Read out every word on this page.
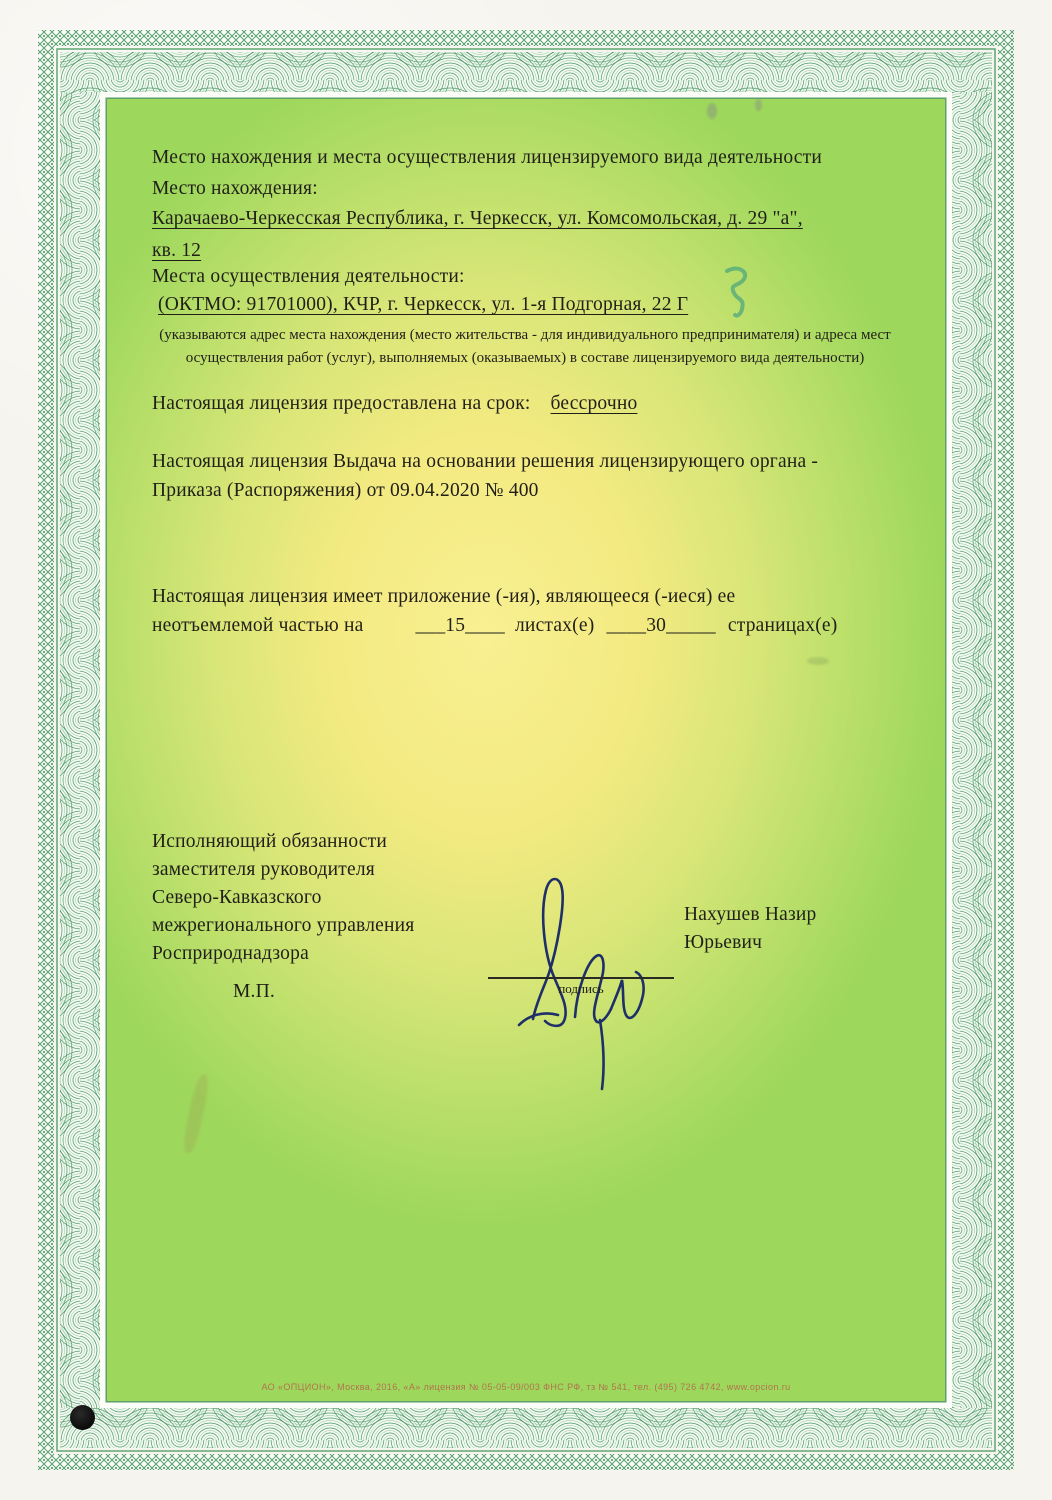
Место нахождения и места осуществления лицензируемого вида деятельности
Место нахождения:
Карачаево-Черкесская Республика, г. Черкесск, ул. Комсомольская, д. 29 "а",
кв. 12
Места осуществления деятельности:
(ОКТМО: 91701000), КЧР, г. Черкесск, ул. 1-я Подгорная, 22 Г
(указываются адрес места нахождения (место жительства - для индивидуального предпринимателя) и адреса мест осуществления работ (услуг), выполняемых (оказываемых) в составе лицензируемого вида деятельности)
Настоящая лицензия предоставлена на срок: бессрочно
Настоящая лицензия Выдача на основании решения лицензирующего органа -
Приказа (Распоряжения) от 09.04.2020 № 400
Настоящая лицензия имеет приложение (-ия), являющееся (-иеся) ее
неотъемлемой частью на	___15____ листах(е) ____30_____ страницах(е)
Исполняющий обязанности
заместителя руководителя
Северо-Кавказского
межрегионального управления
Росприроднадзора
М.П.	подпись
Нахушев Назир
Юрьевич
АО «ОПЦИОН», Москва, 2016, «А» лицензия № 05-05-09/003 ФНС РФ, тз № 541, тел. (495) 726 4742, www.opcion.ru
